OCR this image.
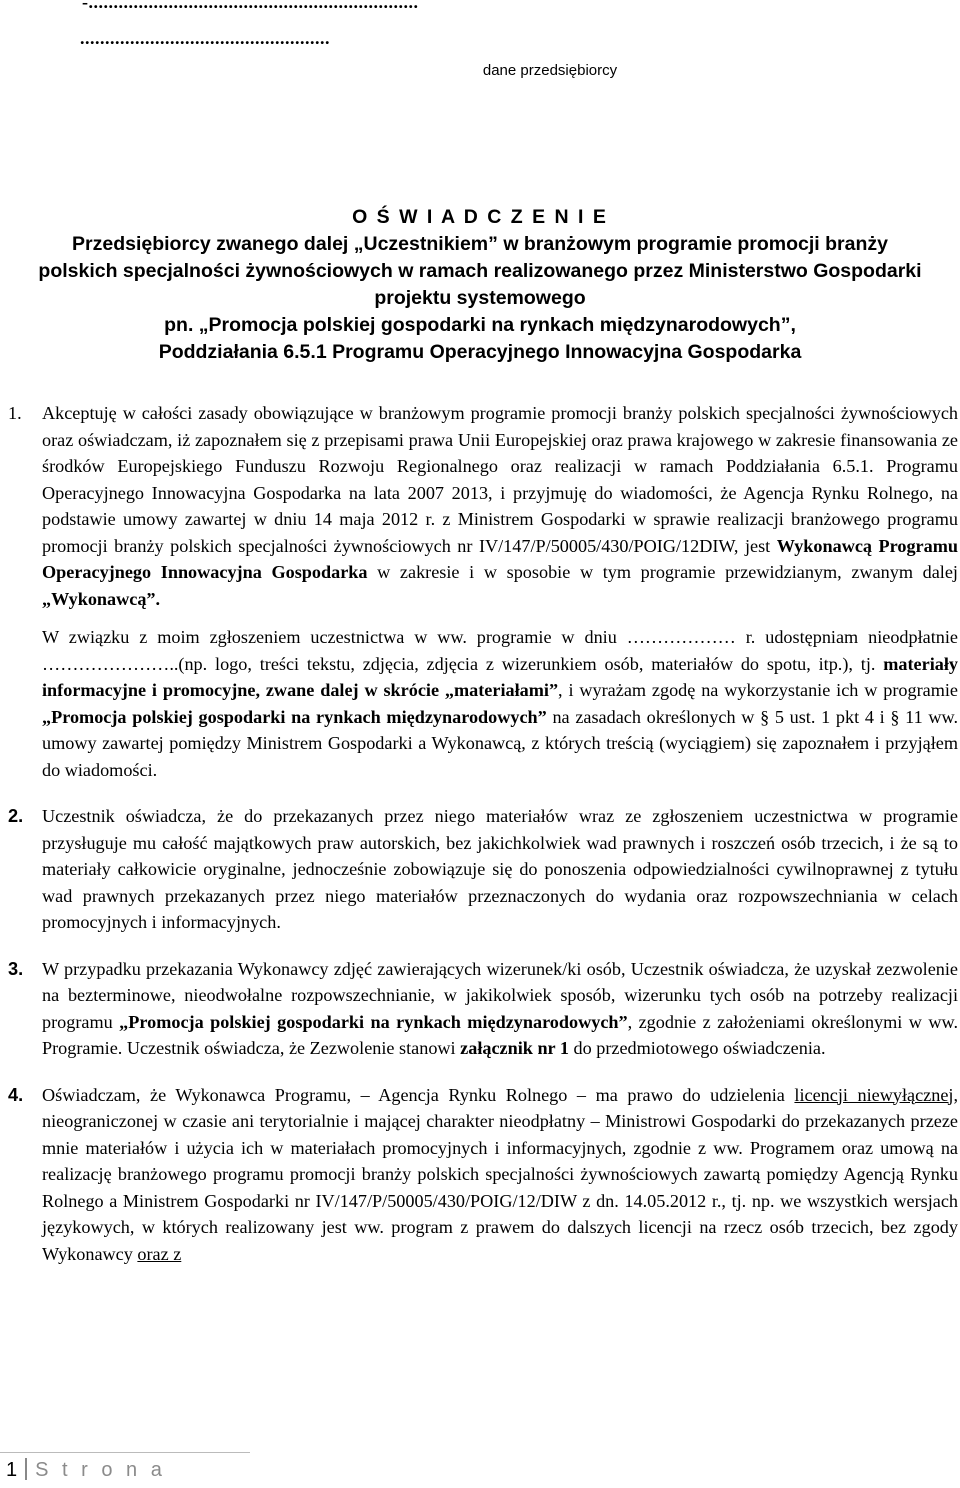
-..................................................................
..................................................
dane przedsiębiorcy
O Ś W I A D C Z E N I E
Przedsiębiorcy zwanego dalej „Uczestnikiem” w branżowym programie promocji branży
polskich specjalności żywnościowych w ramach realizowanego przez Ministerstwo Gospodarki
projektu systemowego
pn. „Promocja polskiej gospodarki na rynkach międzynarodowych”,
Poddziałania 6.5.1 Programu Operacyjnego Innowacyjna Gospodarka
1. Akceptuję w całości zasady obowiązujące w branżowym programie promocji branży polskich specjalności żywnościowych oraz oświadczam, iż zapoznałem się z przepisami prawa Unii Europejskiej oraz prawa krajowego w zakresie finansowania ze środków Europejskiego Funduszu Rozwoju Regionalnego oraz realizacji w ramach Poddziałania 6.5.1. Programu Operacyjnego Innowacyjna Gospodarka na lata 2007 2013, i przyjmuję do wiadomości, że Agencja Rynku Rolnego, na podstawie umowy zawartej w dniu 14 maja 2012 r. z Ministrem Gospodarki w sprawie realizacji branżowego programu promocji branży polskich specjalności żywnościowych nr IV/147/P/50005/430/POIG/12DIW, jest Wykonawcą Programu Operacyjnego Innowacyjna Gospodarka w zakresie i w sposobie w tym programie przewidzianym, zwanym dalej „Wykonawcą”.

W związku z moim zgłoszeniem uczestnictwa w ww. programie w dniu ……………… r. udostępniam nieodpłatnie …………………..(np. logo, treści tekstu, zdjęcia, zdjęcia z wizerunkiem osób, materiałów do spotu, itp.), tj. materiały informacyjne i promocyjne, zwane dalej w skrócie „materiałami”, i wyrażam zgodę na wykorzystanie ich w programie „Promocja polskiej gospodarki na rynkach międzynarodowych” na zasadach określonych w § 5 ust. 1 pkt 4 i § 11 ww. umowy zawartej pomiędzy Ministrem Gospodarki a Wykonawcą, z których treścią (wyciągiem) się zapoznałem i przyjąłem do wiadomości.

2. Uczestnik oświadcza, że do przekazanych przez niego materiałów wraz ze zgłoszeniem uczestnictwa w programie przysługuje mu całość majątkowych praw autorskich, bez jakichkolwiek wad prawnych i roszczeń osób trzecich, i że są to materiały całkowicie oryginalne, jednocześnie zobowiązuje się do ponoszenia odpowiedzialności cywilnoprawnej z tytułu wad prawnych przekazanych przez niego materiałów przeznaczonych do wydania oraz rozpowszechniania w celach promocyjnych i informacyjnych.

3. W przypadku przekazania Wykonawcy zdjęć zawierających wizerunek/ki osób, Uczestnik oświadcza, że uzyskał zezwolenie na bezterminowe, nieodwołalne rozpowszechnianie, w jakikolwiek sposób, wizerunku tych osób na potrzeby realizacji programu „Promocja polskiej gospodarki na rynkach międzynarodowych”, zgodnie z założeniami określonymi w ww. Programie. Uczestnik oświadcza, że Zezwolenie stanowi załącznik nr 1 do przedmiotowego oświadczenia.

4. Oświadczam, że Wykonawca Programu, – Agencja Rynku Rolnego – ma prawo do udzielenia licencji niewyłącznej, nieograniczonej w czasie ani terytorialnie i mającej charakter nieodpłatny – Ministrowi Gospodarki do przekazanych przeze mnie materiałów i użycia ich w materiałach promocyjnych i informacyjnych, zgodnie z ww. Programem oraz umową na realizację branżowego programu promocji branży polskich specjalności żywnościowych zawartą pomiędzy Agencją Rynku Rolnego a Ministrem Gospodarki nr IV/147/P/50005/430/POIG/12/DIW z dn. 14.05.2012 r., tj. np. we wszystkich wersjach językowych, w których realizowany jest ww. program z prawem do dalszych licencji na rzecz osób trzecich, bez zgody Wykonawcy oraz z

1 S t r o n a
